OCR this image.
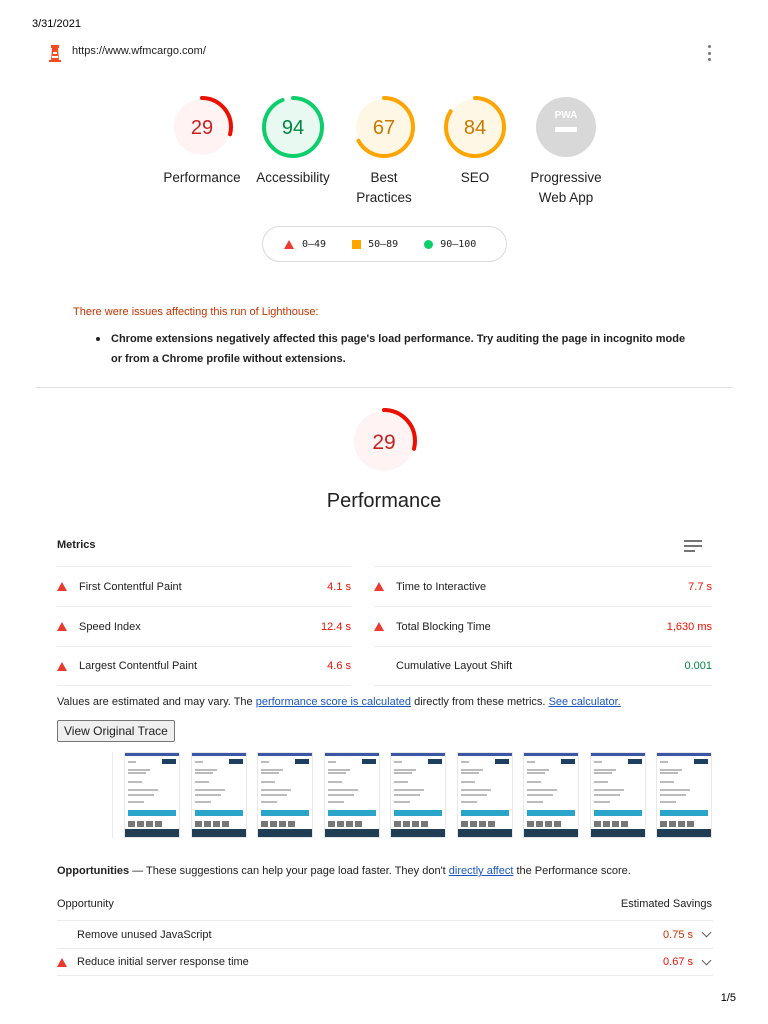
3/31/2021
https://www.wfmcargo.com/
29
Performance
94
Accessibility
67
Best
Practices
84
SEO
PWA
Progressive
Web App
0–49	50–89	90–100
There were issues affecting this run of Lighthouse:

Chrome extensions negatively affected this page's load performance. Try auditing the page in incognito mode or from a Chrome profile without extensions.

29
Performance
Metrics
First Contentful Paint	4.1 s	Time to Interactive	7.7 s
Speed Index	12.4 s	Total Blocking Time	1,630 ms
Largest Contentful Paint	4.6 s	Cumulative Layout Shift	0.001
Values are estimated and may vary. The performance score is calculated directly from these metrics. See calculator.
View Original Trace
Opportunities — These suggestions can help your page load faster. They don't directly affect the Performance score.
Opportunity	Estimated Savings
Remove unused JavaScript	0.75 s
Reduce initial server response time	0.67 s
1/5
